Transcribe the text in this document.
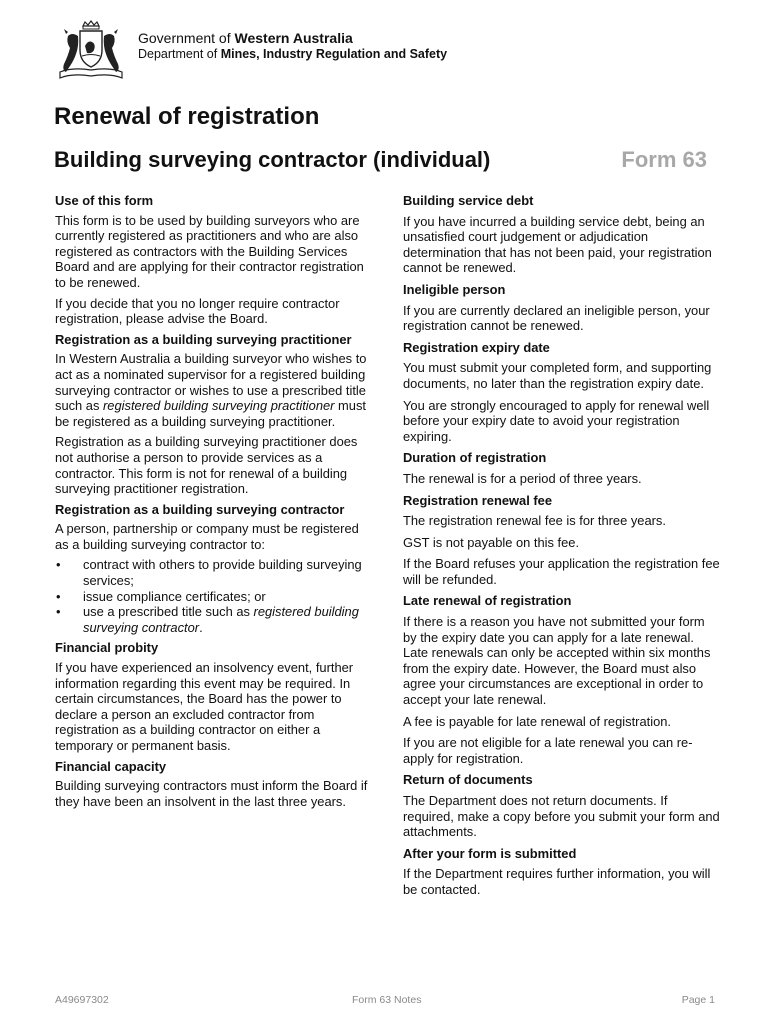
Government of Western Australia
Department of Mines, Industry Regulation and Safety
Renewal of registration
Building surveying contractor (individual)	Form 63
Use of this form
This form is to be used by building surveyors who are currently registered as practitioners and who are also registered as contractors with the Building Services Board and are applying for their contractor registration to be renewed.
If you decide that you no longer require contractor registration, please advise the Board.
Registration as a building surveying practitioner
In Western Australia a building surveyor who wishes to act as a nominated supervisor for a registered building surveying contractor or wishes to use a prescribed title such as registered building surveying practitioner must be registered as a building surveying practitioner.
Registration as a building surveying practitioner does not authorise a person to provide services as a contractor. This form is not for renewal of a building surveying practitioner registration.
Registration as a building surveying contractor
A person, partnership or company must be registered as a building surveying contractor to:
• contract with others to provide building surveying services;
• issue compliance certificates; or
• use a prescribed title such as registered building surveying contractor.
Financial probity
If you have experienced an insolvency event, further information regarding this event may be required. In certain circumstances, the Board has the power to declare a person an excluded contractor from registration as a building contractor on either a temporary or permanent basis.
Financial capacity
Building surveying contractors must inform the Board if they have been an insolvent in the last three years.
Building service debt
If you have incurred a building service debt, being an unsatisfied court judgement or adjudication determination that has not been paid, your registration cannot be renewed.
Ineligible person
If you are currently declared an ineligible person, your registration cannot be renewed.
Registration expiry date
You must submit your completed form, and supporting documents, no later than the registration expiry date.
You are strongly encouraged to apply for renewal well before your expiry date to avoid your registration expiring.
Duration of registration
The renewal is for a period of three years.
Registration renewal fee
The registration renewal fee is for three years.
GST is not payable on this fee.
If the Board refuses your application the registration fee will be refunded.
Late renewal of registration
If there is a reason you have not submitted your form by the expiry date you can apply for a late renewal. Late renewals can only be accepted within six months from the expiry date. However, the Board must also agree your circumstances are exceptional in order to accept your late renewal.
A fee is payable for late renewal of registration.
If you are not eligible for a late renewal you can re-apply for registration.
Return of documents
The Department does not return documents. If required, make a copy before you submit your form and attachments.
After your form is submitted
If the Department requires further information, you will be contacted.
A49697302	Form 63 Notes	Page 1
